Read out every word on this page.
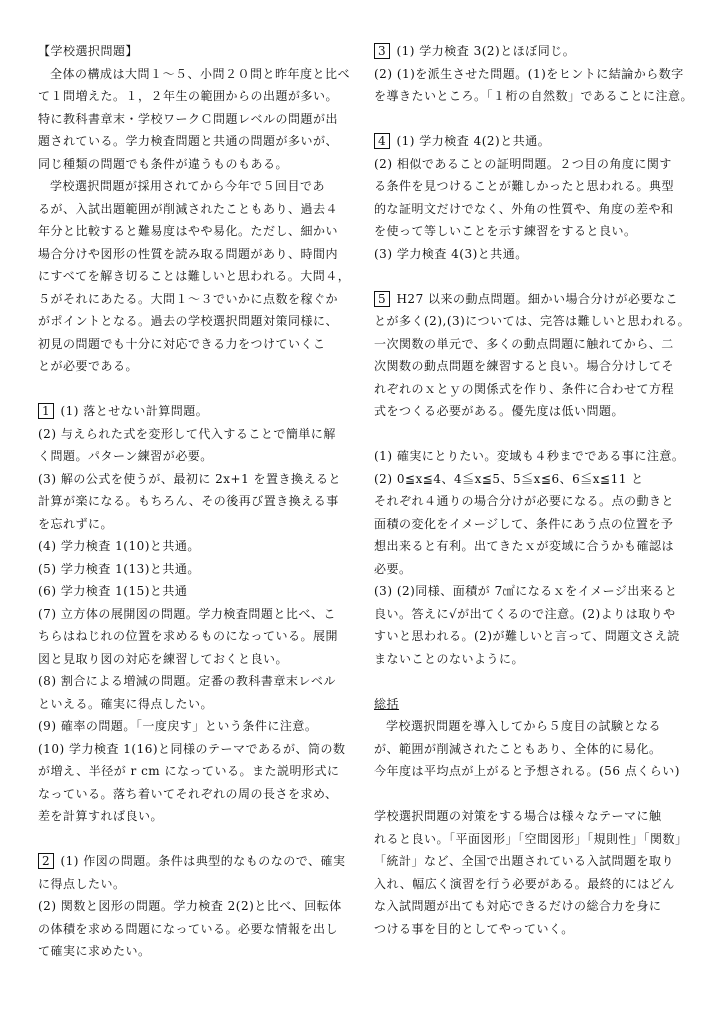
【学校選択問題】

全体の構成は大問１～５、小問２０問と昨年度と比べ
て１問増えた。１，２年生の範囲からの出題が多い。
特に教科書章末・学校ワークＣ問題レベルの問題が出
題されている。学力検査問題と共通の問題が多いが、
同じ種類の問題でも条件が違うものもある。
学校選択問題が採用されてから今年で５回目であ
るが、入試出題範囲が削減されたこともあり、過去４
年分と比較すると難易度はやや易化。ただし、細かい
場合分けや図形の性質を読み取る問題があり、時間内
にすべてを解き切ることは難しいと思われる。大問４，
５がそれにあたる。大問１～３でいかに点数を稼ぐか
がポイントとなる。過去の学校選択問題対策同様に、
初見の問題でも十分に対応できる力をつけていくこ
とが必要である。
1 (1) 落とせない計算問題。
(2) 与えられた式を変形して代入することで簡単に解
く問題。パターン練習が必要。
(3) 解の公式を使うが、最初に 2x+1 を置き換えると
計算が楽になる。もちろん、その後再び置き換える事
を忘れずに。
(4) 学力検査 1(10)と共通。
(5) 学力検査 1(13)と共通。
(6) 学力検査 1(15)と共通
(7) 立方体の展開図の問題。学力検査問題と比べ、こ
ちらはねじれの位置を求めるものになっている。展開
図と見取り図の対応を練習しておくと良い。
(8) 割合による増減の問題。定番の教科書章末レベル
といえる。確実に得点したい。
(9) 確率の問題。「一度戻す」という条件に注意。
(10) 学力検査 1(16)と同様のテーマであるが、筒の数
が増え、半径が r cm になっている。また説明形式に
なっている。落ち着いてそれぞれの周の長さを求め、
差を計算すれば良い。
2 (1) 作図の問題。条件は典型的なものなので、確実
に得点したい。
(2) 関数と図形の問題。学力検査 2(2)と比べ、回転体
の体積を求める問題になっている。必要な情報を出し
て確実に求めたい。
3 (1) 学力検査 3(2)とほぼ同じ。
(2) (1)を派生させた問題。(1)をヒントに結論から数字
を導きたいところ。「１桁の自然数」であることに注意。
4 (1) 学力検査 4(2)と共通。
(2) 相似であることの証明問題。２つ目の角度に関す
る条件を見つけることが難しかったと思われる。典型
的な証明文だけでなく、外角の性質や、角度の差や和
を使って等しいことを示す練習をすると良い。
(3) 学力検査 4(3)と共通。
5 H27 以来の動点問題。細かい場合分けが必要なこ
とが多く(2),(3)については、完答は難しいと思われる。
一次関数の単元で、多くの動点問題に触れてから、二
次関数の動点問題を練習すると良い。場合分けしてそ
れぞれのｘとｙの関係式を作り、条件に合わせて方程
式をつくる必要がある。優先度は低い問題。
(1) 確実にとりたい。変域も４秒までである事に注意。
(2) 0≦x≦4、4≦x≦5、5≦x≦6、6≦x≦11 と
それぞれ４通りの場合分けが必要になる。点の動きと
面積の変化をイメージして、条件にあう点の位置を予
想出来ると有利。出てきたｘが変域に合うかも確認は
必要。
(3) (2)同様、面積が 7㎠になるｘをイメージ出来ると
良い。答えに√が出てくるので注意。(2)よりは取りや
すいと思われる。(2)が難しいと言って、問題文さえ読
まないことのないように。

総括

学校選択問題を導入してから５度目の試験となる
が、範囲が削減されたこともあり、全体的に易化。
今年度は平均点が上がると予想される。(56 点くらい)
学校選択問題の対策をする場合は様々なテーマに触
れると良い。「平面図形」「空間図形」「規則性」「関数」
「統計」など、全国で出題されている入試問題を取り
入れ、幅広く演習を行う必要がある。最終的にはどん
な入試問題が出ても対応できるだけの総合力を身に
つける事を目的としてやっていく。
